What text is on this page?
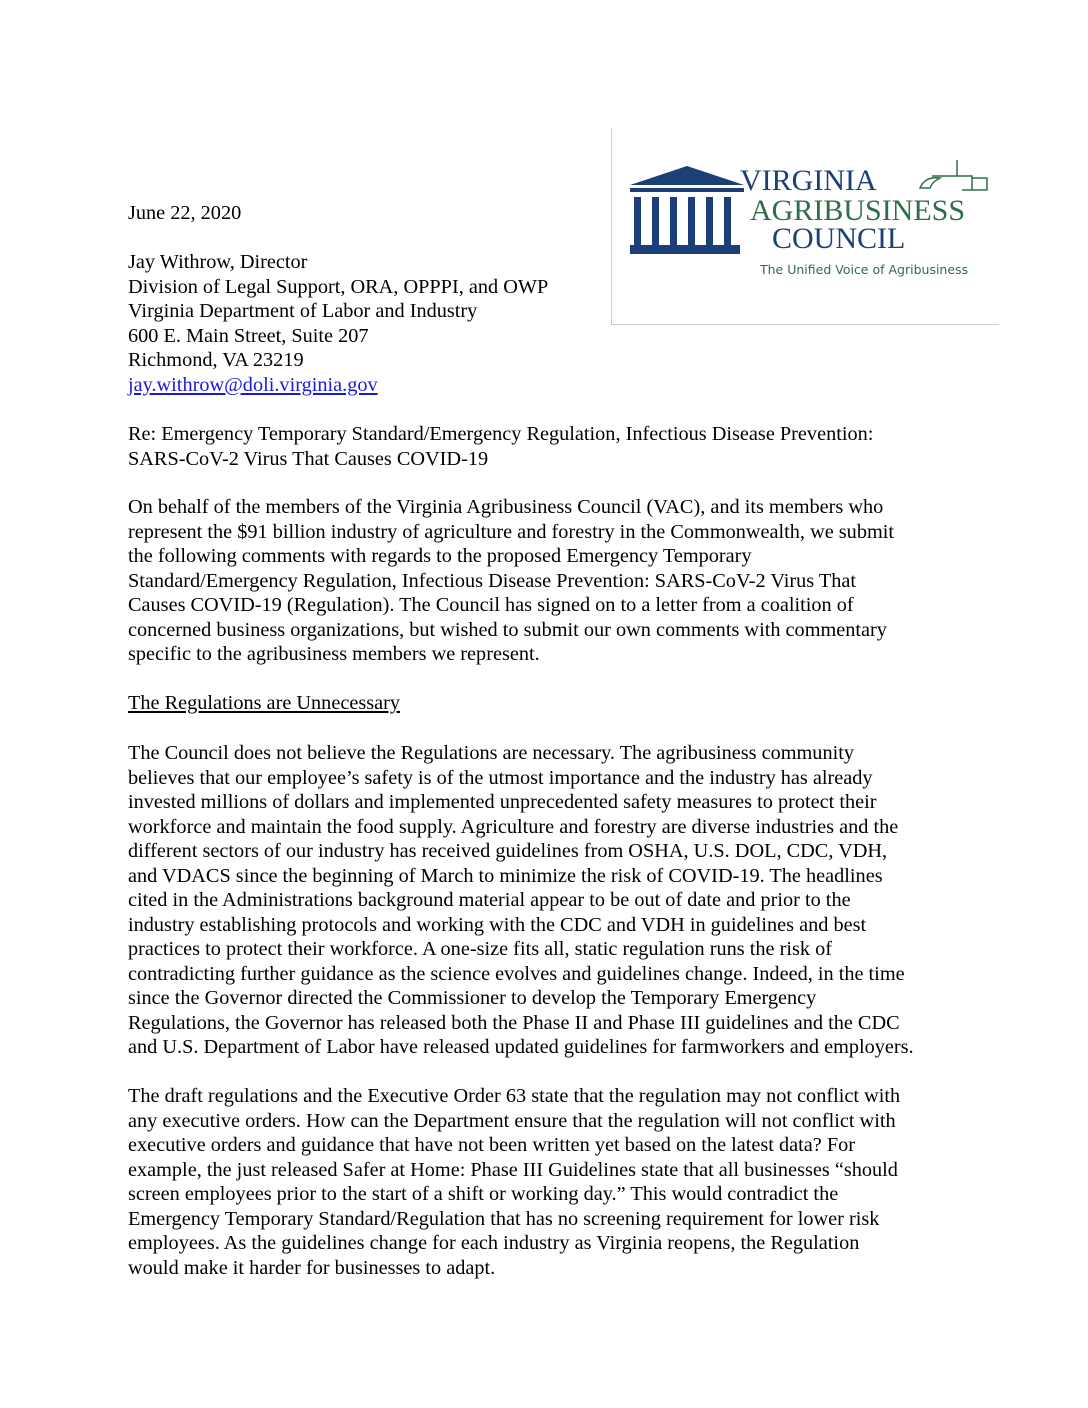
VIRGINIA
AGRIBUSINESS
COUNCIL
The Unified Voice of Agribusiness
June 22, 2020
Jay Withrow, Director
Division of Legal Support, ORA, OPPPI, and OWP
Virginia Department of Labor and Industry
600 E. Main Street, Suite 207
Richmond, VA 23219
jay.withrow@doli.virginia.gov
Re: Emergency Temporary Standard/Emergency Regulation, Infectious Disease Prevention:
SARS-CoV-2 Virus That Causes COVID-19
On behalf of the members of the Virginia Agribusiness Council (VAC), and its members who
represent the $91 billion industry of agriculture and forestry in the Commonwealth, we submit
the following comments with regards to the proposed Emergency Temporary
Standard/Emergency Regulation, Infectious Disease Prevention: SARS-CoV-2 Virus That
Causes COVID-19 (Regulation). The Council has signed on to a letter from a coalition of
concerned business organizations, but wished to submit our own comments with commentary
specific to the agribusiness members we represent.
The Regulations are Unnecessary
The Council does not believe the Regulations are necessary. The agribusiness community
believes that our employee’s safety is of the utmost importance and the industry has already
invested millions of dollars and implemented unprecedented safety measures to protect their
workforce and maintain the food supply. Agriculture and forestry are diverse industries and the
different sectors of our industry has received guidelines from OSHA, U.S. DOL, CDC, VDH,
and VDACS since the beginning of March to minimize the risk of COVID-19. The headlines
cited in the Administrations background material appear to be out of date and prior to the
industry establishing protocols and working with the CDC and VDH in guidelines and best
practices to protect their workforce. A one-size fits all, static regulation runs the risk of
contradicting further guidance as the science evolves and guidelines change. Indeed, in the time
since the Governor directed the Commissioner to develop the Temporary Emergency
Regulations, the Governor has released both the Phase II and Phase III guidelines and the CDC
and U.S. Department of Labor have released updated guidelines for farmworkers and employers.
The draft regulations and the Executive Order 63 state that the regulation may not conflict with
any executive orders. How can the Department ensure that the regulation will not conflict with
executive orders and guidance that have not been written yet based on the latest data? For
example, the just released Safer at Home: Phase III Guidelines state that all businesses “should
screen employees prior to the start of a shift or working day.” This would contradict the
Emergency Temporary Standard/Regulation that has no screening requirement for lower risk
employees. As the guidelines change for each industry as Virginia reopens, the Regulation
would make it harder for businesses to adapt.
